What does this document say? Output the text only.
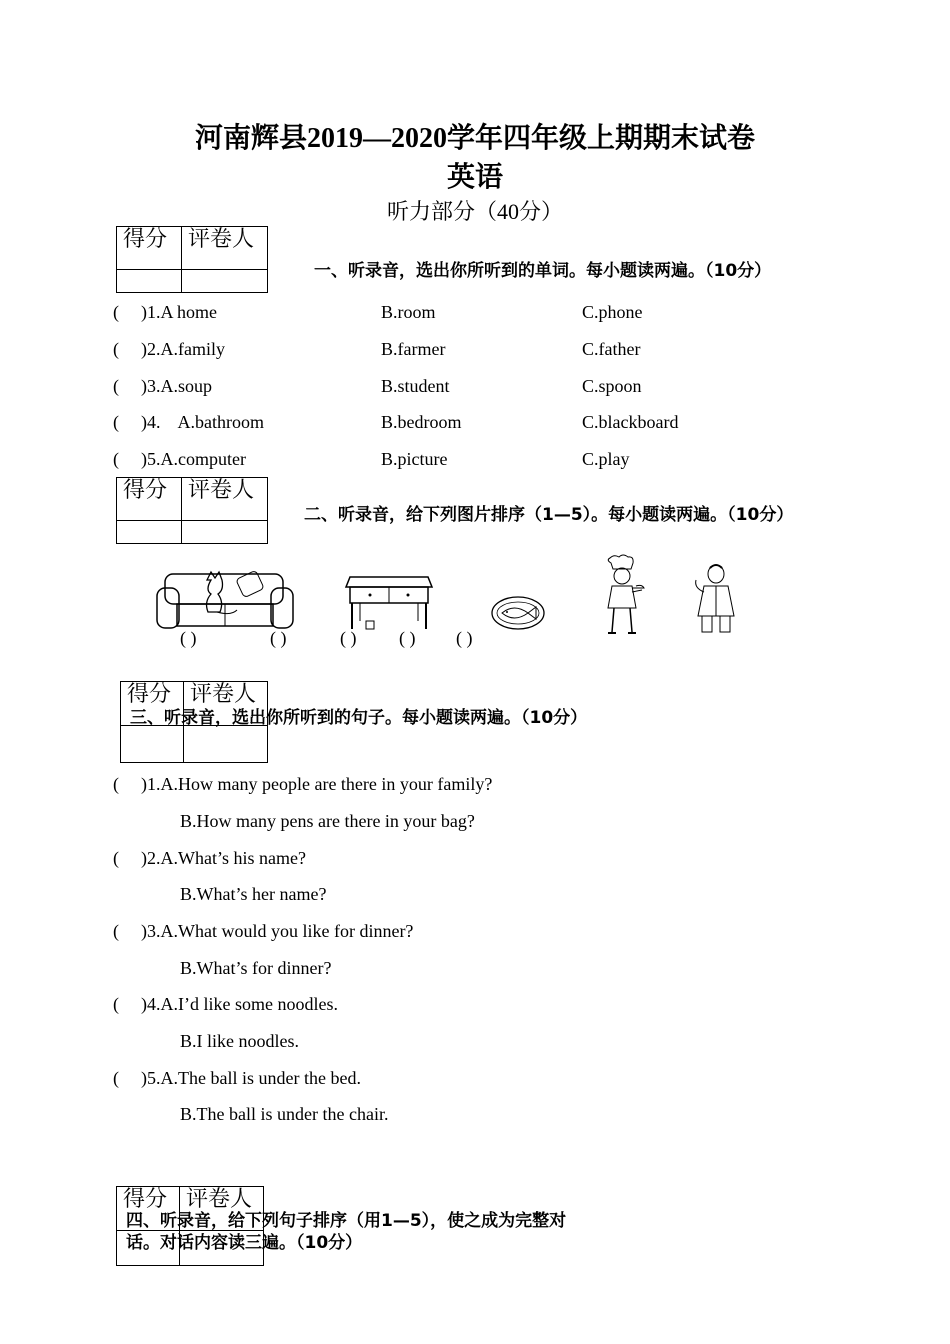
河南辉县2019—2020学年四年级上期期末试卷
英语
听力部分（40分）
得分	评卷人

一、听录音，选出你所听到的单词。每小题读两遍。（10分）
( )1.A home	B.room	C.phone
( )2.A.family	B.farmer	C.father
( )3.A.soup	B.student	C.spoon
( )4.    A.bathroom	B.bedroom	C.blackboard
( )5.A.computer	B.picture	C.play
得分	评卷人

二、听录音，给下列图片排序（1—5）。每小题读两遍。（10分）
( )	( )	( ) ( ) ( )
得分	评卷人

三、听录音，选出你所听到的句子。每小题读两遍。（10分）
( )1.A.How many people are there in your family?
B.How many pens are there in your bag?
( )2.A.What’s his name?
B.What’s her name?
( )3.A.What would you like for dinner?
B.What’s for dinner?
( )4.A.I’d like some noodles.
B.I like noodles.
( )5.A.The ball is under the bed.
B.The ball is under the chair.
得分	评卷人

四、听录音，给下列句子排序（用1—5），使之成为完整对
话。对话内容读三遍。（10分）
